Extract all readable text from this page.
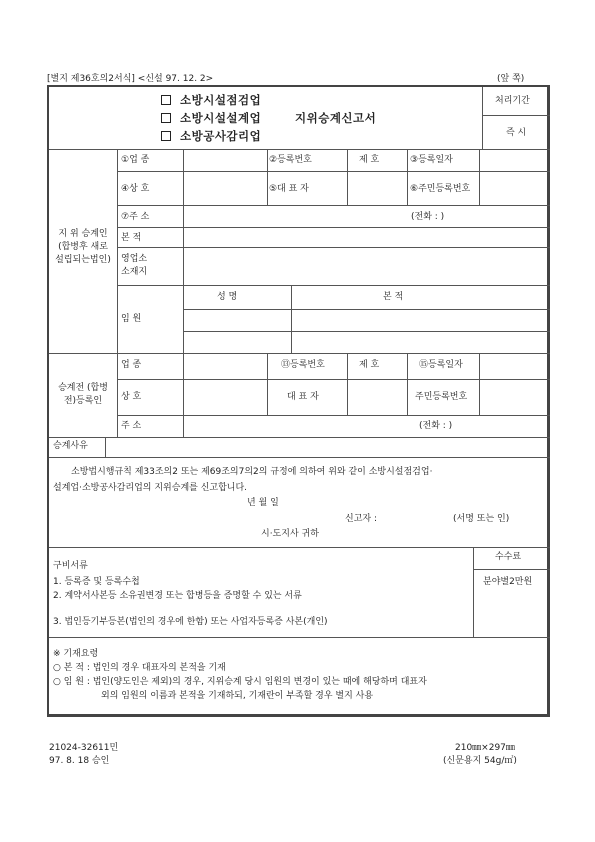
[별지 제36호의2서식] <신설 97. 12. 2>	(앞 쪽)
소방시설점검업
소방시설설계업	지위승계신고서
소방공사감리업
처리기간
즉 시
지 위 승계인
(합병후 새로
설립되는법인)
①업 종	②등록번호	제 호	③등록일자
④상 호	⑤대 표 자	⑥주민등록번호
⑦주 소	(전화 : )
본 적
영업소
소재지
임 원
성 명	본 적
승계전 (합병
전)등록인
업 종	⑬등록번호	제 호	⑮등록일자
상 호	대 표 자	주민등록번호
주 소	(전화 : )
승계사유
소방법시행규칙 제33조의2 또는 제69조의7의2의 규정에 의하여 위와 같이 소방시설점검업·
설계업·소방공사감리업의 지위승계를 신고합니다.
년 월 일
신고자 :	(서명 또는 인)
시·도지사 귀하
구비서류
1. 등록증 및 등록수첩
2. 계약서사본등 소유권변경 또는 합병등을 증명할 수 있는 서류
3. 법인등기부등본(법인의 경우에 한함) 또는 사업자등록증 사본(개인)
수수료
분야별2만원
※ 기재요령
○ 본 적 : 법인의 경우 대표자의 본적을 기재
○ 임 원 : 법인(양도인은 제외)의 경우, 지위승계 당시 임원의 변경이 있는 때에 해당하며 대표자
외의 임원의 이름과 본적을 기재하되, 기재란이 부족할 경우 별지 사용
21024-32611민
97. 8. 18 승인
210㎜×297㎜
(신문용지 54g/㎡)
